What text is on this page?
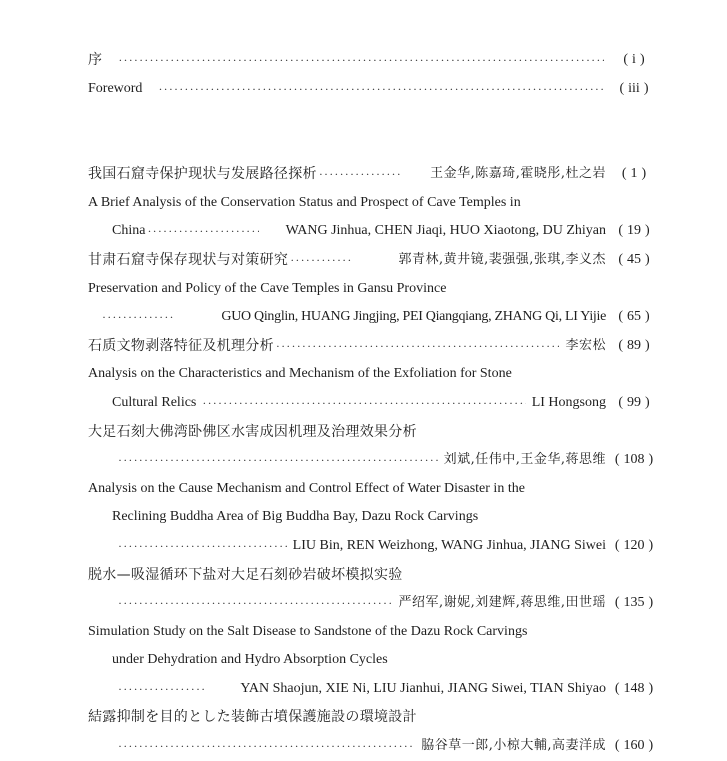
序 ·····	( i )
Foreword ·····	( iii )
我国石窟寺保护现状与发展路径探析 ·····	王金华,陈嘉琦,霍晓彤,杜之岩	( 1 )
A Brief Analysis of the Conservation Status and Prospect of Cave Temples in
China ·····	WANG Jinhua, CHEN Jiaqi, HUO Xiaotong, DU Zhiyan ( 19 )
甘肃石窟寺保存现状与对策研究 ·····	郭青林,黄井镜,裴强强,张琪,李义杰 ( 45 )
Preservation and Policy of the Cave Temples in Gansu Province
·····
GUO Qinglin, HUANG Jingjing, PEI Qiangqiang, ZHANG Qi, LI Yijie ( 65 )
石质文物剥落特征及机理分析 ·····	李宏松 ( 89 )
Analysis on the Characteristics and Mechanism of the Exfoliation for Stone
Cultural Relics ·····	LI Hongsong ( 99 )
大足石刻大佛湾卧佛区水害成因机理及治理效果分析
·····
刘斌,任伟中,王金华,蒋思维 ( 108 )
Analysis on the Cause Mechanism and Control Effect of Water Disaster in the
Reclining Buddha Area of Big Buddha Bay, Dazu Rock Carvings
·····
LIU Bin, REN Weizhong, WANG Jinhua, JIANG Siwei ( 120 )
脱水—吸湿循环下盐对大足石刻砂岩破坏模拟实验
·····
严绍军,谢妮,刘建辉,蒋思维,田世瑶 ( 135 )
Simulation Study on the Salt Disease to Sandstone of the Dazu Rock Carvings
under Dehydration and Hydro Absorption Cycles
·····
YAN Shaojun, XIE Ni, LIU Jianhui, JIANG Siwei, TIAN Shiyao ( 148 )
結露抑制を目的とした装飾古墳保護施設の環境設計
·····
脇谷草一郎,小椋大輔,高妻洋成 ( 160 )
